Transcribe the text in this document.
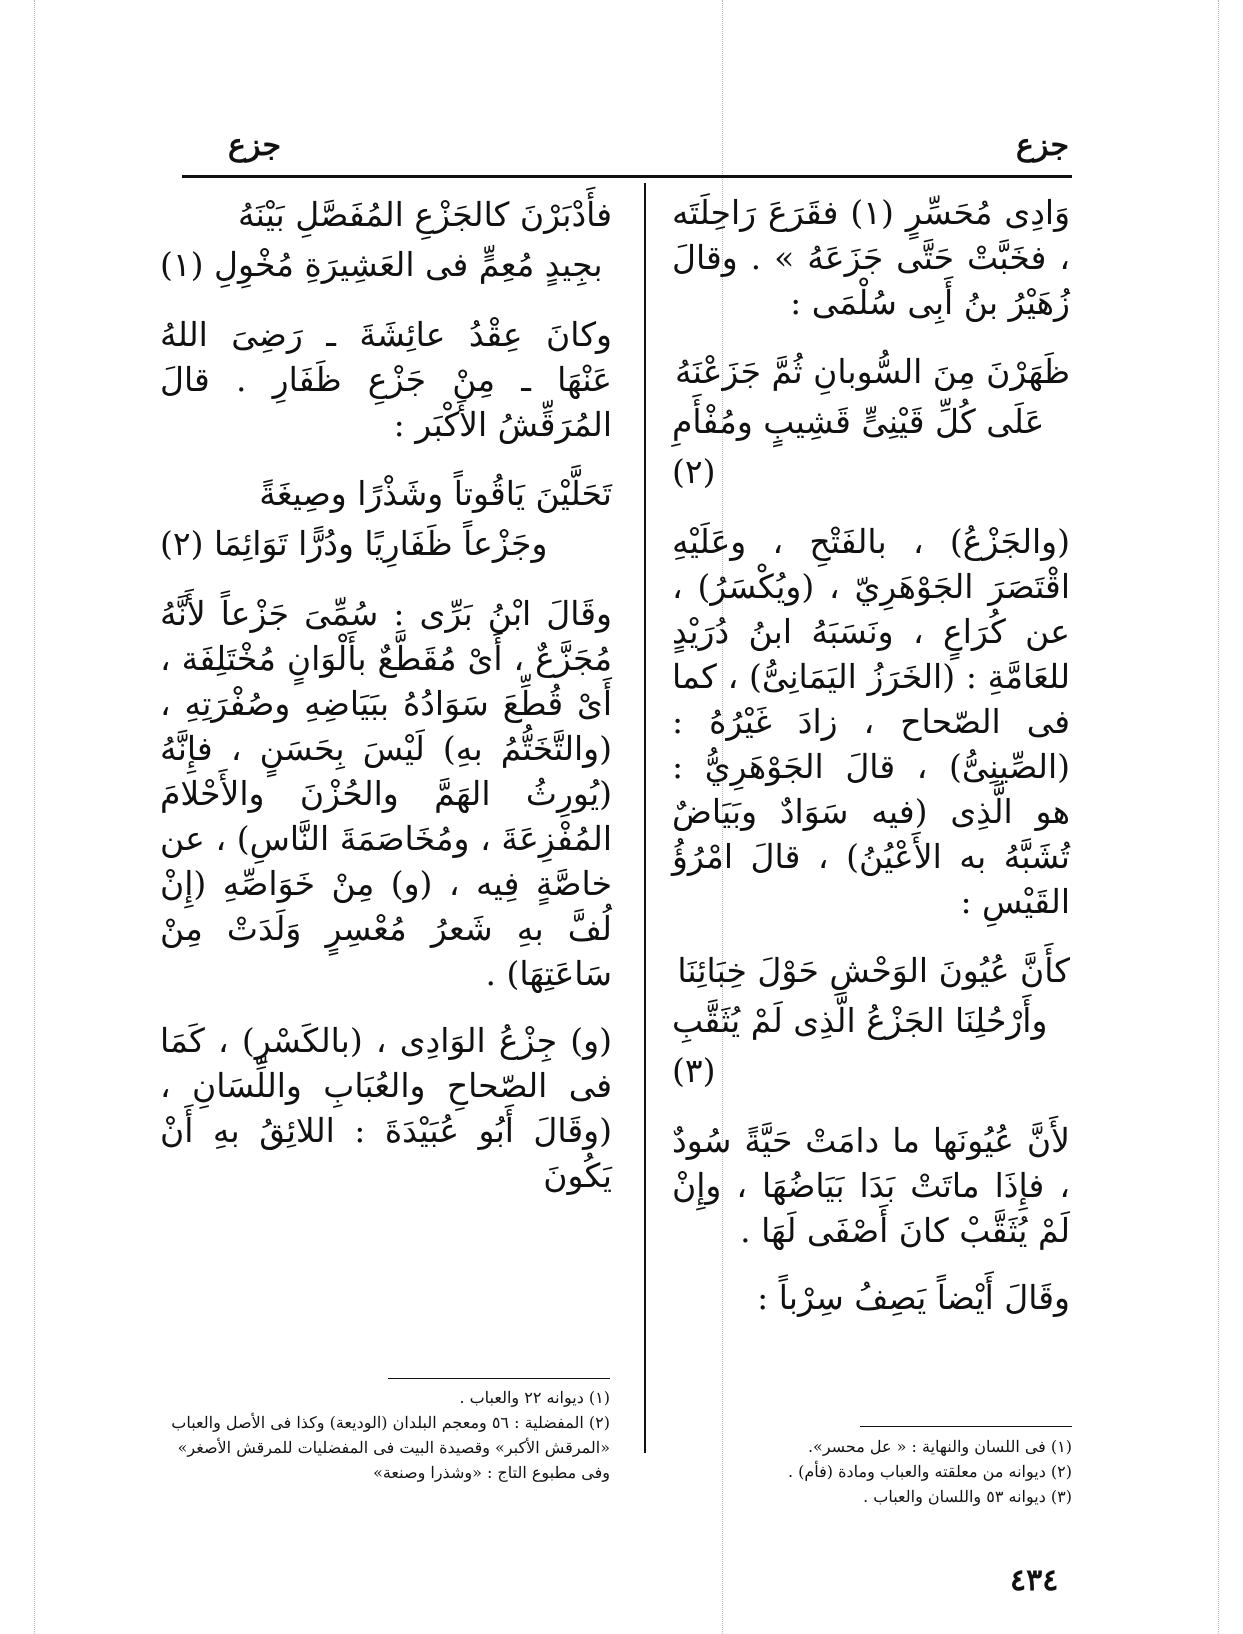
جزع	جزع

وَادِى مُحَسِّرٍ (١) فقَرَعَ رَاحِلَتَه ، فخَبَّتْ حَتَّى جَزَعَهُ » . وقالَ زُهَيْرُ بنُ أَبِى سُلْمَى :

ظَهَرْنَ مِنَ السُّوبانِ ثُمَّ جَزَعْنَهُ
عَلَى كُلِّ قَيْنِىٍّ قَشِيبٍ ومُفْأَمِ (٢)

(والجَزْعُ) ، بالفَتْحِ ، وعَلَيْهِ اقْتَصَرَ الجَوْهَرِيّ ، (ويُكْسَرُ) ، عن كُرَاعٍ ، ونَسَبَهُ ابنُ دُرَيْدٍ للعَامَّةِ : (الخَرَزُ اليَمَانِىُّ) ، كما فى الصّحاح ، زادَ غَيْرُهُ : (الصِّينِىُّ) ، قالَ الجَوْهَرِيُّ : هو الَّذِى (فيه سَوَادٌ وبَيَاضٌ تُشَبَّهُ به الأَعْيُنُ) ، قالَ امْرُؤُ القَيْسِ :

كأَنَّ عُيُونَ الوَحْشِ حَوْلَ خِبَائِنَا
وأَرْحُلِنَا الجَزْعُ الَّذِى لَمْ يُثَقَّبِ (٣)

لأَنَّ عُيُونَها ما دامَتْ حَيَّةً سُودٌ ، فإِذَا ماتَتْ بَدَا بَيَاضُهَا ، وإِنْ لَمْ يُثَقَّبْ كانَ أَصْفَى لَهَا .

وقَالَ أَيْضاً يَصِفُ سِرْباً :

فأَدْبَرْنَ كالجَزْعِ المُفَصَّلِ بَيْنَهُ
بجِيدٍ مُعِمٍّ فى العَشِيرَةِ مُخْوِلِ (١)

وكانَ عِقْدُ عائِشَةَ ـ رَضِىَ اللهُ عَنْهَا ـ مِنْ جَزْعِ ظَفَارِ . قالَ المُرَقِّشُ الأَكْبَر :

تَحَلَّيْنَ يَاقُوتاً وشَذْرًا وصِيغَةً
وجَزْعاً ظَفَارِيًا ودُرًّا تَوَائِمَا (٢)

وقَالَ ابْنُ بَرِّى : سُمِّىَ جَزْعاً لأَنَّهُ مُجَزَّعٌ ، أَىْ مُقَطَّعٌ بأَلْوَانٍ مُخْتَلِفَة ، أَىْ قُطِّعَ سَوَادُهُ ببَيَاضِهِ وصُفْرَتِهِ ، (والتَّخَتُّمُ بهِ) لَيْسَ بِحَسَنٍ ، فإِنَّهُ (يُورِثُ الهَمَّ والحُزْنَ والأَحْلامَ المُفْزِعَةَ ، ومُخَاصَمَةَ النَّاسِ) ، عن خاصَّةٍ فِيه ، (و) مِنْ خَوَاصِّهِ (إِنْ لُفَّ بهِ شَعرُ مُعْسِرٍ وَلَدَتْ مِنْ سَاعَتِهَا) .

(و) جِزْعُ الوَادِى ، (بالكَسْرِ) ، كَمَا فى الصّحاحِ والعُبَابِ واللِّسَانِ ، (وقَالَ أَبُو عُبَيْدَةَ : اللائِقُ بهِ أَنْ يَكُونَ

(١) ديوانه ٢٢ والعباب .
(٢) المفضلية : ٥٦ ومعجم البلدان (الوديعة) وكذا فى الأصل والعباب «المرقش الأكبر» وقصيدة البيت فى المفضليات للمرقش الأصغر» وفى مطبوع التاج : «وشذرا وصنعة»
(١) فى اللسان والنهاية : « عل محسر».
(٢) ديوانه من معلقته والعباب ومادة (فأم) .
(٣) ديوانه ٥٣ واللسان والعباب .
٤٣٤
